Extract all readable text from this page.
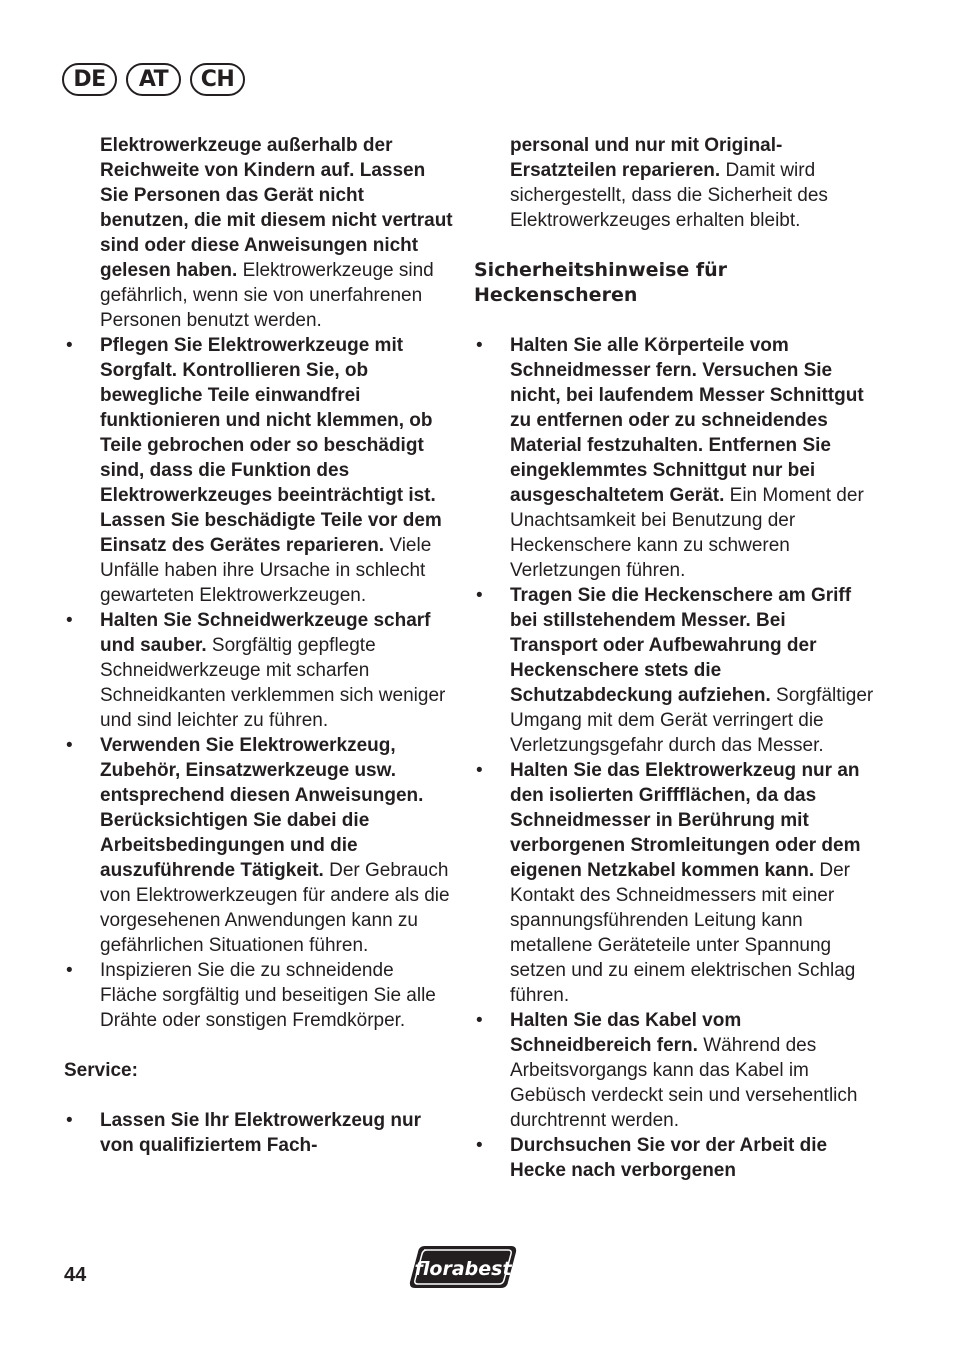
DE	AT	CH

Elektrowerkzeuge außerhalb der Reichweite von Kindern auf. Lassen Sie Personen das Gerät nicht benutzen, die mit diesem nicht vertraut sind oder diese Anweisungen nicht gelesen haben. Elektrowerkzeuge sind gefährlich, wenn sie von unerfahrenen Personen benutzt werden.

•	Pflegen Sie Elektrowerkzeuge mit Sorgfalt. Kontrollieren Sie, ob bewegliche Teile einwandfrei funktionieren und nicht klemmen, ob Teile gebrochen oder so beschädigt sind, dass die Funktion des Elektrowerkzeuges beeinträchtigt ist. Lassen Sie beschädigte Teile vor dem Einsatz des Gerätes reparieren. Viele Unfälle haben ihre Ursache in schlecht gewarteten Elektrowerkzeugen.

•	Halten Sie Schneidwerkzeuge scharf und sauber. Sorgfältig gepflegte Schneidwerkzeuge mit scharfen Schneidkanten verklemmen sich weniger und sind leichter zu führen.

•	Verwenden Sie Elektrowerkzeug, Zubehör, Einsatzwerkzeuge usw. entsprechend diesen Anweisungen. Berücksichtigen Sie dabei die Arbeitsbedingungen und die auszuführende Tätigkeit. Der Gebrauch von Elektrowerkzeugen für andere als die vorgesehenen Anwendungen kann zu gefährlichen Situationen führen.

•	Inspizieren Sie die zu schneidende Fläche sorgfältig und beseitigen Sie alle Drähte oder sonstigen Fremdkörper.

Service:

•	Lassen Sie Ihr Elektrowerkzeug nur von qualifiziertem Fach-

personal und nur mit Original-Ersatzteilen reparieren. Damit wird sichergestellt, dass die Sicherheit des Elektrowerkzeuges erhalten bleibt.

Sicherheitshinweise für Heckenscheren

•	Halten Sie alle Körperteile vom Schneidmesser fern. Versuchen Sie nicht, bei laufendem Messer Schnittgut zu entfernen oder zu schneidendes Material festzuhalten. Entfernen Sie eingeklemmtes Schnittgut nur bei ausgeschaltetem Gerät. Ein Moment der Unachtsamkeit bei Benutzung der Heckenschere kann zu schweren Verletzungen führen.

•	Tragen Sie die Heckenschere am Griff bei stillstehendem Messer. Bei Transport oder Aufbewahrung der Heckenschere stets die Schutzabdeckung aufziehen. Sorgfältiger Umgang mit dem Gerät verringert die Verletzungsgefahr durch das Messer.

•	Halten Sie das Elektrowerkzeug nur an den isolierten Griffflächen, da das Schneidmesser in Berührung mit verborgenen Stromleitungen oder dem eigenen Netzkabel kommen kann. Der Kontakt des Schneidmessers mit einer spannungsführenden Leitung kann metallene Geräteteile unter Spannung setzen und zu einem elektrischen Schlag führen.

•	Halten Sie das Kabel vom Schneidbereich fern. Während des Arbeitsvorgangs kann das Kabel im Gebüsch verdeckt sein und versehentlich durchtrennt werden.

•	Durchsuchen Sie vor der Arbeit die Hecke nach verborgenen

44	florabest
